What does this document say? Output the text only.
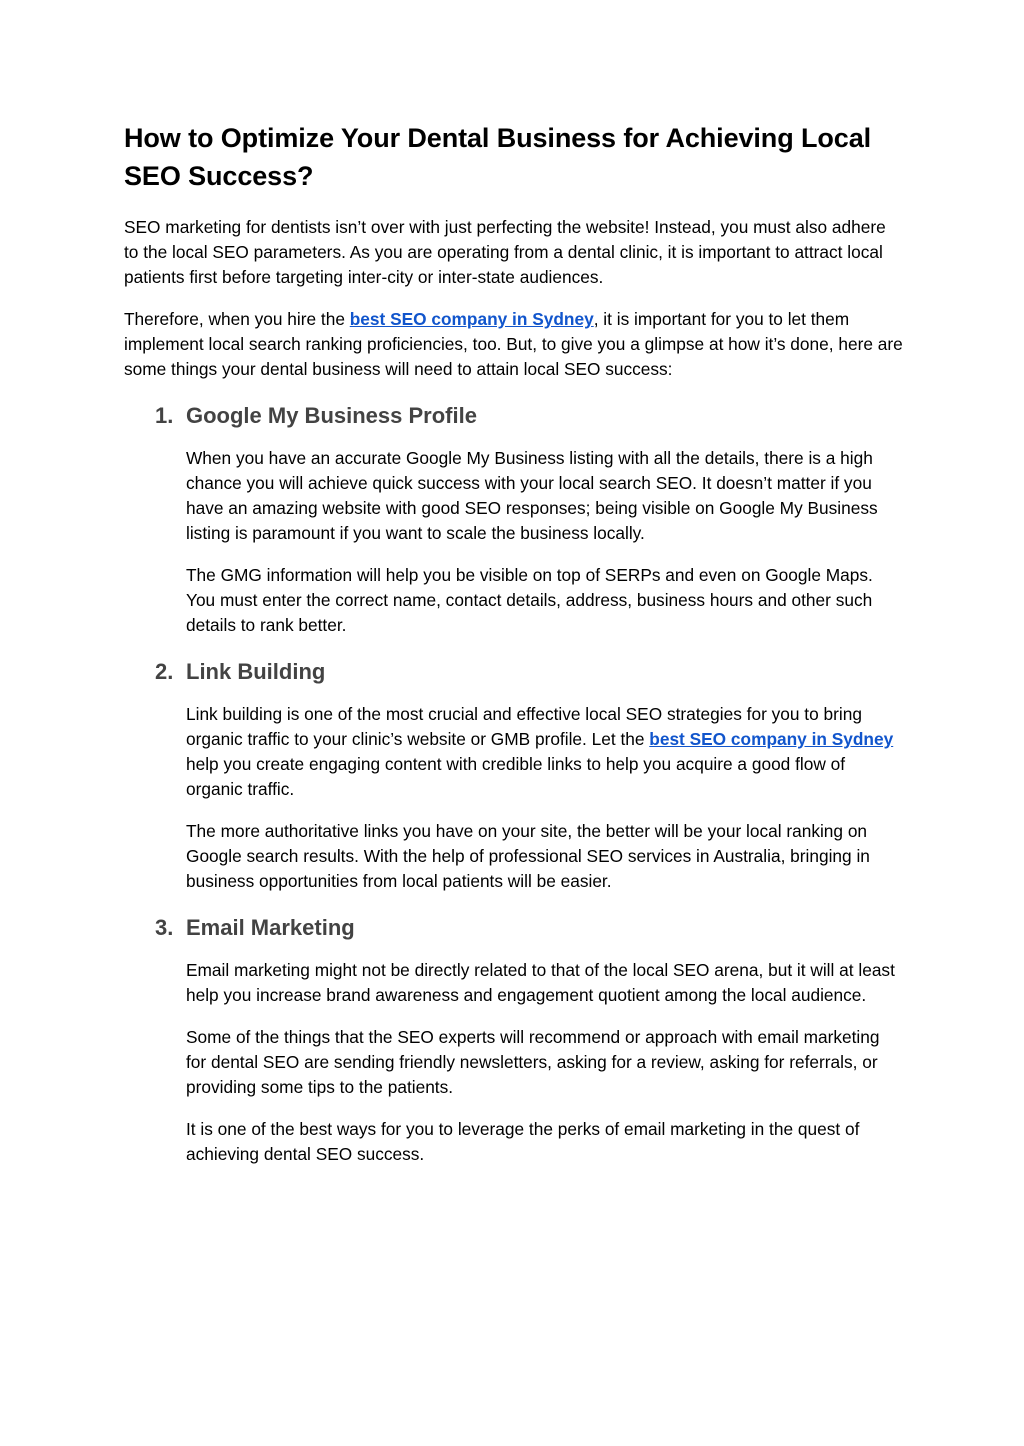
How to Optimize Your Dental Business for Achieving Local SEO Success?

SEO marketing for dentists isn’t over with just perfecting the website! Instead, you must also adhere to the local SEO parameters. As you are operating from a dental clinic, it is important to attract local patients first before targeting inter-city or inter-state audiences.

Therefore, when you hire the best SEO company in Sydney, it is important for you to let them implement local search ranking proficiencies, too. But, to give you a glimpse at how it’s done, here are some things your dental business will need to attain local SEO success:

1. Google My Business Profile

When you have an accurate Google My Business listing with all the details, there is a high chance you will achieve quick success with your local search SEO. It doesn’t matter if you have an amazing website with good SEO responses; being visible on Google My Business listing is paramount if you want to scale the business locally.

The GMG information will help you be visible on top of SERPs and even on Google Maps. You must enter the correct name, contact details, address, business hours and other such details to rank better.

2. Link Building

Link building is one of the most crucial and effective local SEO strategies for you to bring organic traffic to your clinic’s website or GMB profile. Let the best SEO company in Sydney help you create engaging content with credible links to help you acquire a good flow of organic traffic.

The more authoritative links you have on your site, the better will be your local ranking on Google search results. With the help of professional SEO services in Australia, bringing in business opportunities from local patients will be easier.

3. Email Marketing

Email marketing might not be directly related to that of the local SEO arena, but it will at least help you increase brand awareness and engagement quotient among the local audience.

Some of the things that the SEO experts will recommend or approach with email marketing for dental SEO are sending friendly newsletters, asking for a review, asking for referrals, or providing some tips to the patients.

It is one of the best ways for you to leverage the perks of email marketing in the quest of achieving dental SEO success.
